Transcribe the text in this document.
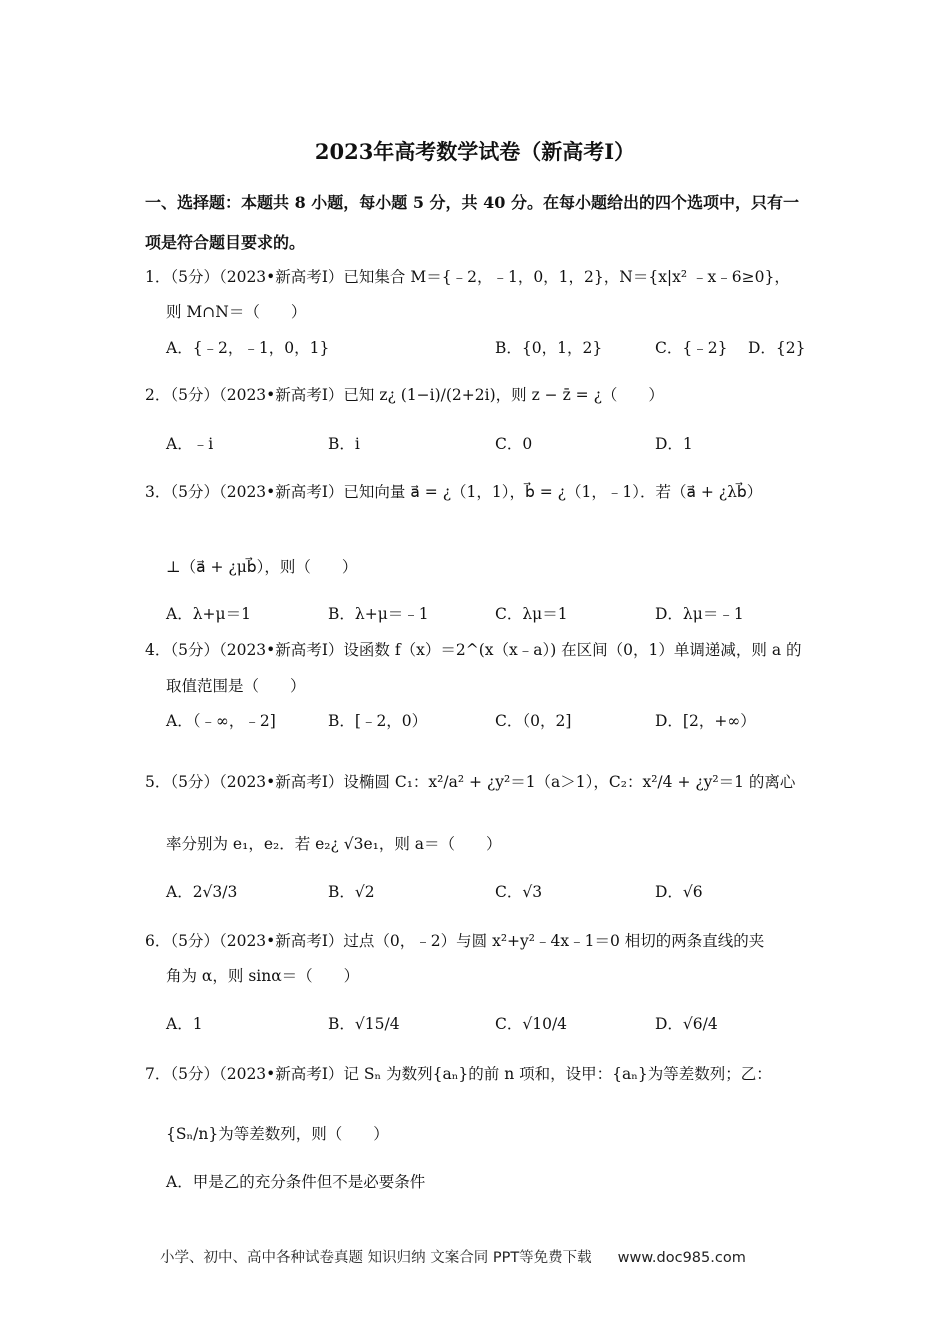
2023年高考数学试卷（新高考Ⅰ）
一、选择题：本题共 8 小题，每小题 5 分，共 40 分。在每小题给出的四个选项中，只有一
项是符合题目要求的。
1．（5分）（2023•新高考Ⅰ）已知集合 M＝{﹣2，﹣1，0，1，2}，N＝{x|x² ﹣x﹣6≥0}，
则 M∩N＝（　　）
A．{﹣2，﹣1，0，1}	B．{0，1，2}	C．{﹣2} D．{2}
2．（5分）（2023•新高考Ⅰ）已知 z¿ (1−i)/(2+2i)，则 z − z̄ = ¿（　　）
A．﹣i	B．i	C．0	D．1
3．（5分）（2023•新高考Ⅰ）已知向量 a⃗ = ¿（1，1），b⃗ = ¿（1，﹣1）．若（a⃗ + ¿λb⃗）
⊥（a⃗ + ¿μb⃗），则（　　）
A．λ+μ＝1	B．λ+μ＝﹣1	C．λμ＝1	D．λμ＝﹣1
4．（5分）（2023•新高考Ⅰ）设函数 f（x）＝2^(x（x﹣a）) 在区间（0，1）单调递减，则 a 的
取值范围是（　　）
A．（﹣∞，﹣2]	B．[﹣2，0）	C．（0，2]	D．[2，+∞）
5．（5分）（2023•新高考Ⅰ）设椭圆 C₁：x²/a² + ¿y²＝1（a＞1），C₂：x²/4 + ¿y²＝1 的离心
率分别为 e₁，e₂．若 e₂¿ √3e₁，则 a＝（　　）
A．2√3/3	B．√2	C．√3	D．√6
6．（5分）（2023•新高考Ⅰ）过点（0，﹣2）与圆 x²+y²﹣4x﹣1＝0 相切的两条直线的夹
角为 α，则 sinα＝（　　）
A．1	B．√15/4	C．√10/4	D．√6/4
7．（5分）（2023•新高考Ⅰ）记 Sₙ 为数列{aₙ}的前 n 项和，设甲：{aₙ}为等差数列；乙：
{Sₙ/n}为等差数列，则（　　）
A．甲是乙的充分条件但不是必要条件
小学、初中、高中各种试卷真题 知识归纳 文案合同 PPT等免费下载 www.doc985.com
